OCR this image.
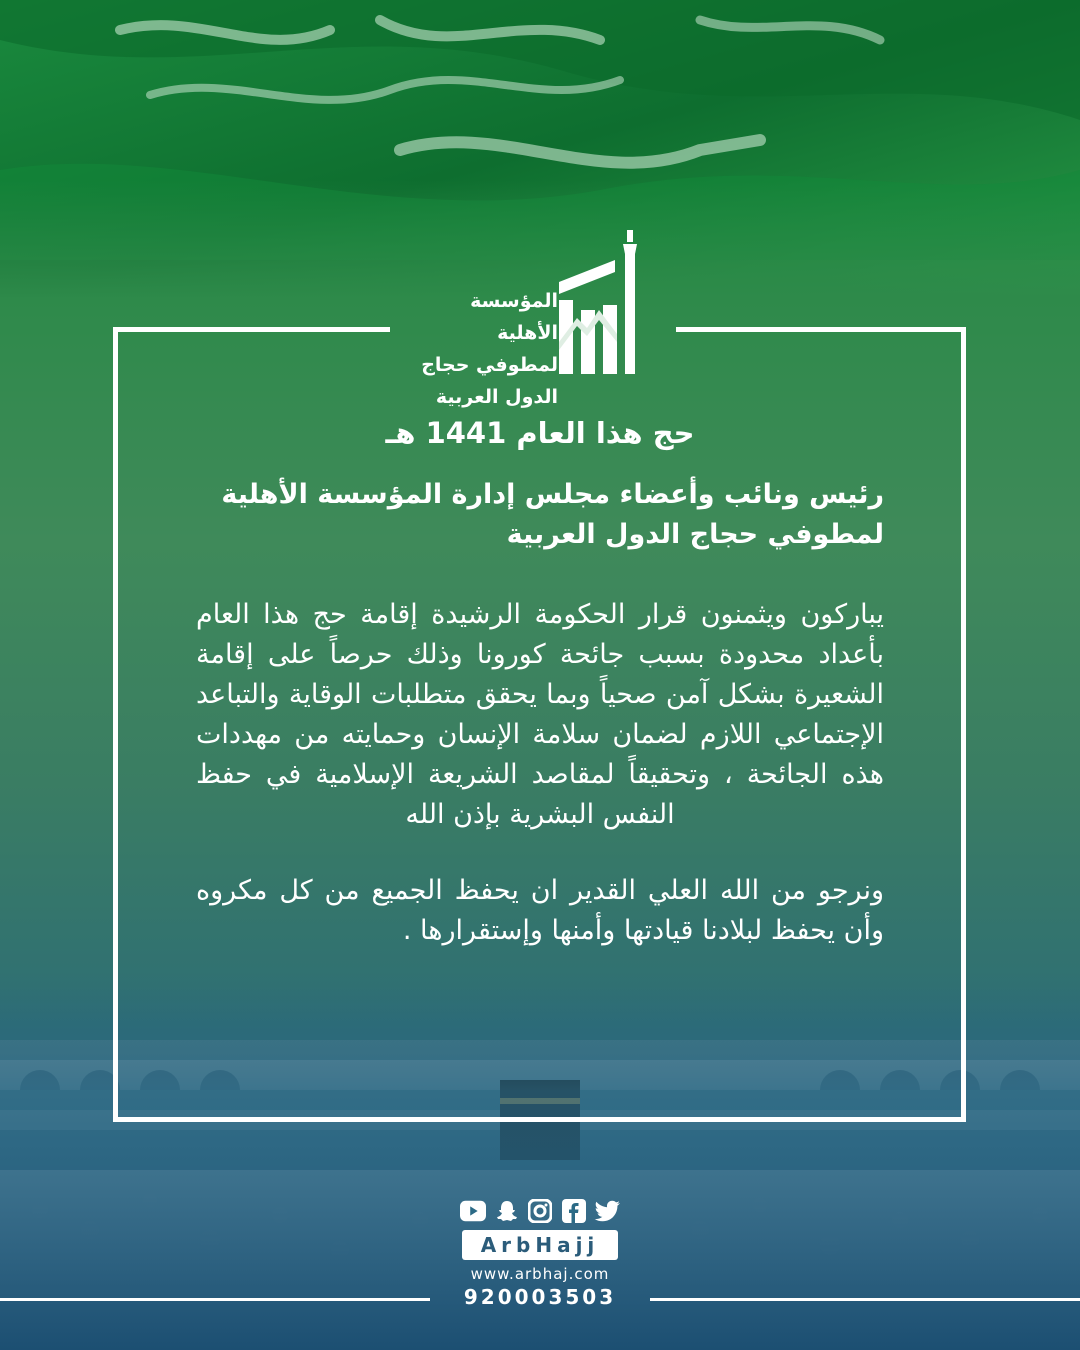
المؤسسة الأهلية
لمطوفي حجاج
الدول العربية
حج هذا العام 1441 هـ
رئيس ونائب وأعضاء مجلس إدارة المؤسسة الأهلية لمطوفي حجاج الدول العربية
يباركون ويثمنون قرار الحكومة الرشيدة إقامة حج هذا العام بأعداد محدودة بسبب جائحة كورونا وذلك حرصاً على إقامة الشعيرة بشكل آمن صحياً وبما يحقق متطلبات الوقاية والتباعد الإجتماعي اللازم لضمان سلامة الإنسان وحمايته من مهددات هذه الجائحة ، وتحقيقاً لمقاصد الشريعة الإسلامية في حفظ النفس البشرية بإذن الله
ونرجو من الله العلي القدير ان يحفظ الجميع من كل مكروه وأن يحفظ لبلادنا قيادتها وأمنها وإستقرارها .
ArbHajj
www.arbhaj.com
920003503
